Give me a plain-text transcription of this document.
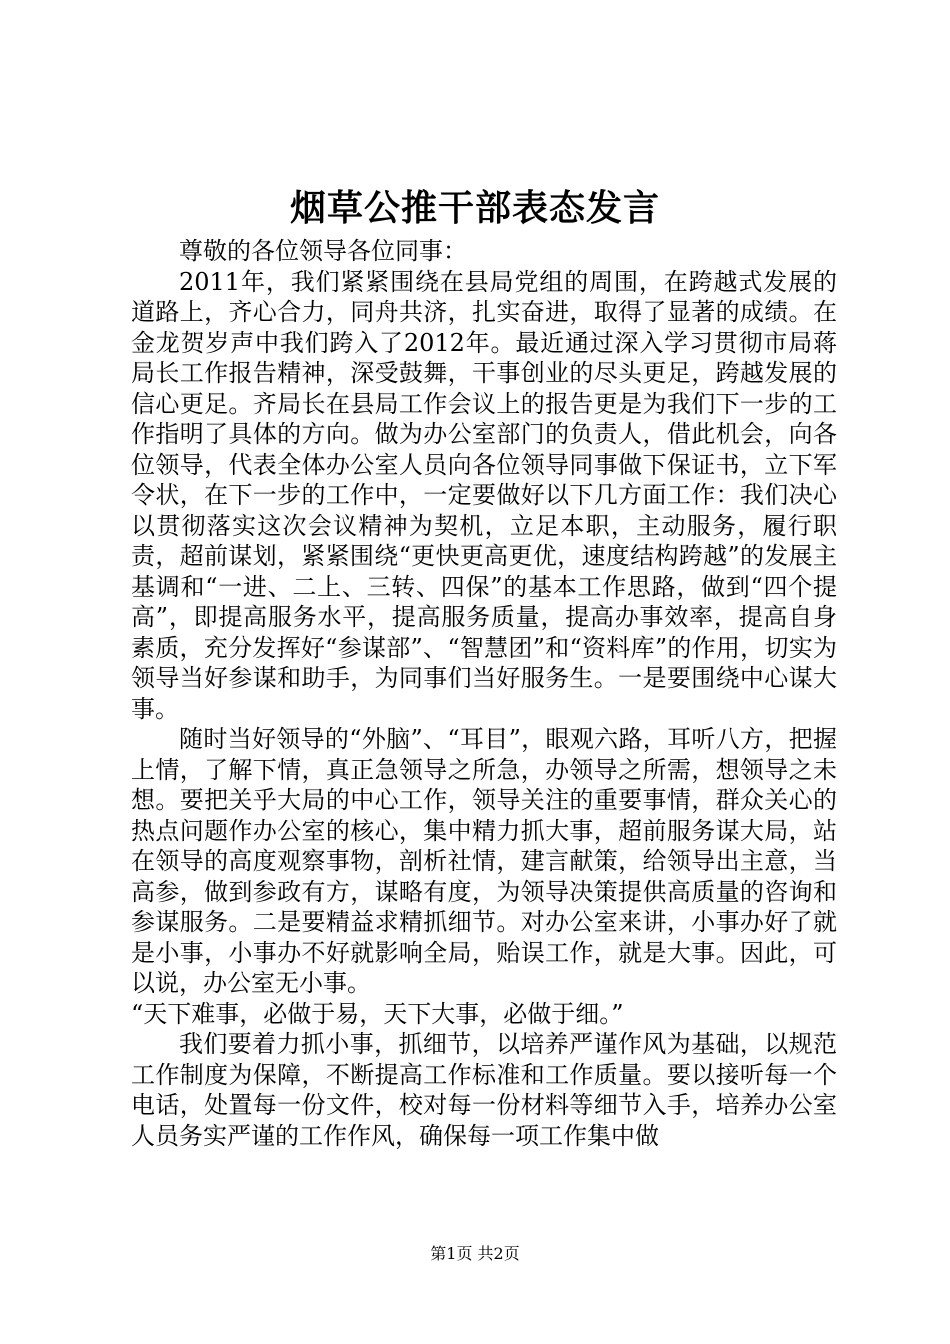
烟草公推干部表态发言

尊敬的各位领导各位同事：

2011年，我们紧紧围绕在县局党组的周围，在跨越式发展的道路上，齐心合力，同舟共济，扎实奋进，取得了显著的成绩。在金龙贺岁声中我们跨入了2012年。最近通过深入学习贯彻市局蒋局长工作报告精神，深受鼓舞，干事创业的尽头更足，跨越发展的信心更足。齐局长在县局工作会议上的报告更是为我们下一步的工作指明了具体的方向。做为办公室部门的负责人，借此机会，向各位领导，代表全体办公室人员向各位领导同事做下保证书，立下军令状，在下一步的工作中，一定要做好以下几方面工作：我们决心以贯彻落实这次会议精神为契机，立足本职，主动服务，履行职责，超前谋划，紧紧围绕“更快更高更优，速度结构跨越”的发展主基调和“一进、二上、三转、四保”的基本工作思路，做到“四个提高”，即提高服务水平，提高服务质量，提高办事效率，提高自身素质，充分发挥好“参谋部”、“智慧团”和“资料库”的作用，切实为领导当好参谋和助手，为同事们当好服务生。一是要围绕中心谋大事。

随时当好领导的“外脑”、“耳目”，眼观六路，耳听八方，把握上情，了解下情，真正急领导之所急，办领导之所需，想领导之未想。要把关乎大局的中心工作，领导关注的重要事情，群众关心的热点问题作办公室的核心，集中精力抓大事，超前服务谋大局，站在领导的高度观察事物，剖析社情，建言献策，给领导出主意，当高参，做到参政有方，谋略有度，为领导决策提供高质量的咨询和参谋服务。二是要精益求精抓细节。对办公室来讲，小事办好了就是小事，小事办不好就影响全局，贻误工作，就是大事。因此，可以说，办公室无小事。

“天下难事，必做于易，天下大事，必做于细。”

我们要着力抓小事，抓细节，以培养严谨作风为基础，以规范工作制度为保障，不断提高工作标准和工作质量。要以接听每一个电话，处置每一份文件，校对每一份材料等细节入手，培养办公室人员务实严谨的工作作风，确保每一项工作集中做

第1页 共2页
